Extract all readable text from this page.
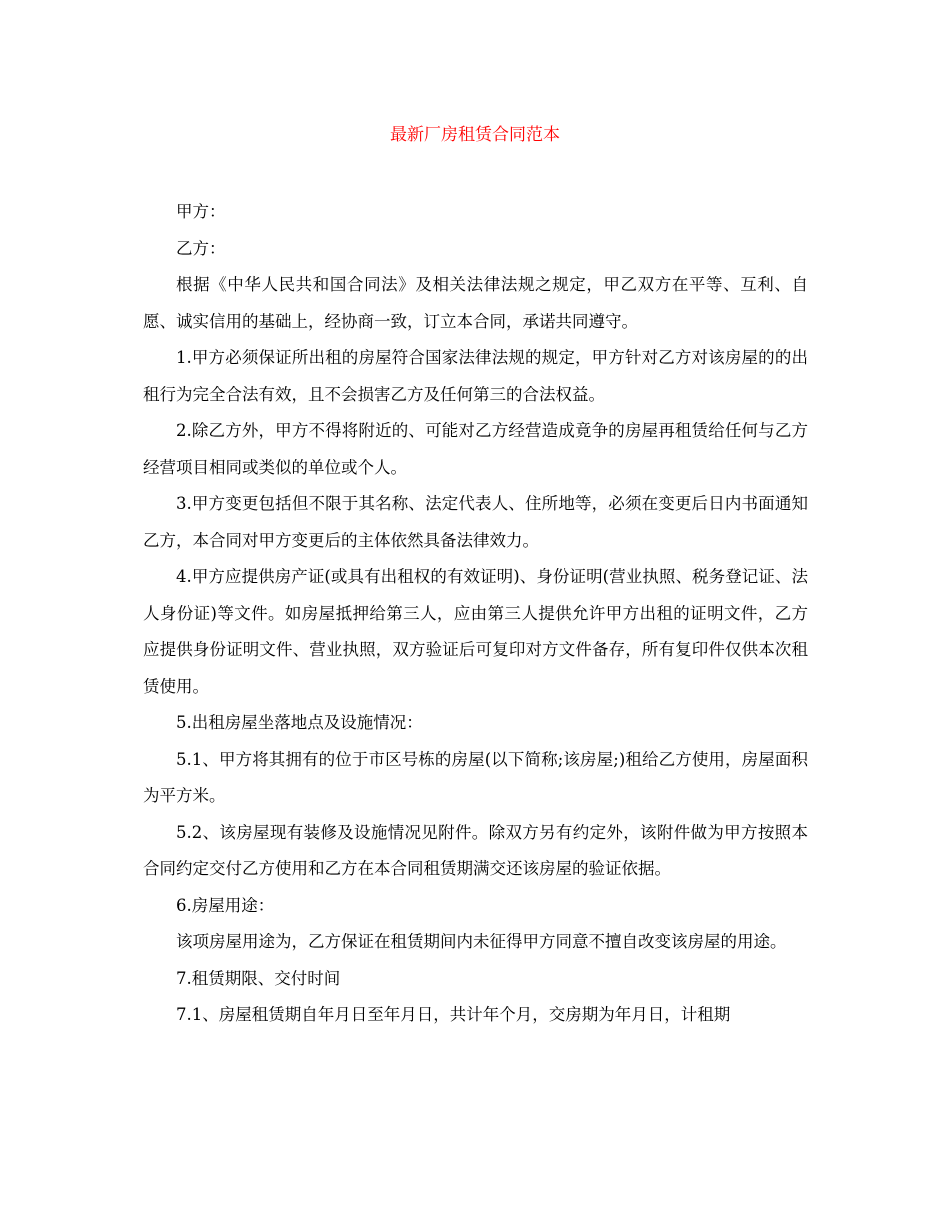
最新厂房租赁合同范本

甲方：

乙方：

根据《中华人民共和国合同法》及相关法律法规之规定，甲乙双方在平等、互利、自愿、诚实信用的基础上，经协商一致，订立本合同，承诺共同遵守。

1.甲方必须保证所出租的房屋符合国家法律法规的规定，甲方针对乙方对该房屋的的出租行为完全合法有效，且不会损害乙方及任何第三的合法权益。

2.除乙方外，甲方不得将附近的、可能对乙方经营造成竟争的房屋再租赁给任何与乙方经营项目相同或类似的单位或个人。

3.甲方变更包括但不限于其名称、法定代表人、住所地等，必须在变更后日内书面通知乙方，本合同对甲方变更后的主体依然具备法律效力。

4.甲方应提供房产证(或具有出租权的有效证明)、身份证明(营业执照、税务登记证、法人身份证)等文件。如房屋抵押给第三人，应由第三人提供允许甲方出租的证明文件，乙方应提供身份证明文件、营业执照，双方验证后可复印对方文件备存，所有复印件仅供本次租赁使用。

5.出租房屋坐落地点及设施情况：

5.1、甲方将其拥有的位于市区号栋的房屋(以下简称;该房屋;)租给乙方使用，房屋面积为平方米。

5.2、该房屋现有装修及设施情况见附件。除双方另有约定外，该附件做为甲方按照本合同约定交付乙方使用和乙方在本合同租赁期满交还该房屋的验证依据。

6.房屋用途：

该项房屋用途为，乙方保证在租赁期间内未征得甲方同意不擅自改变该房屋的用途。

7.租赁期限、交付时间

7.1、房屋租赁期自年月日至年月日，共计年个月，交房期为年月日，计租期
